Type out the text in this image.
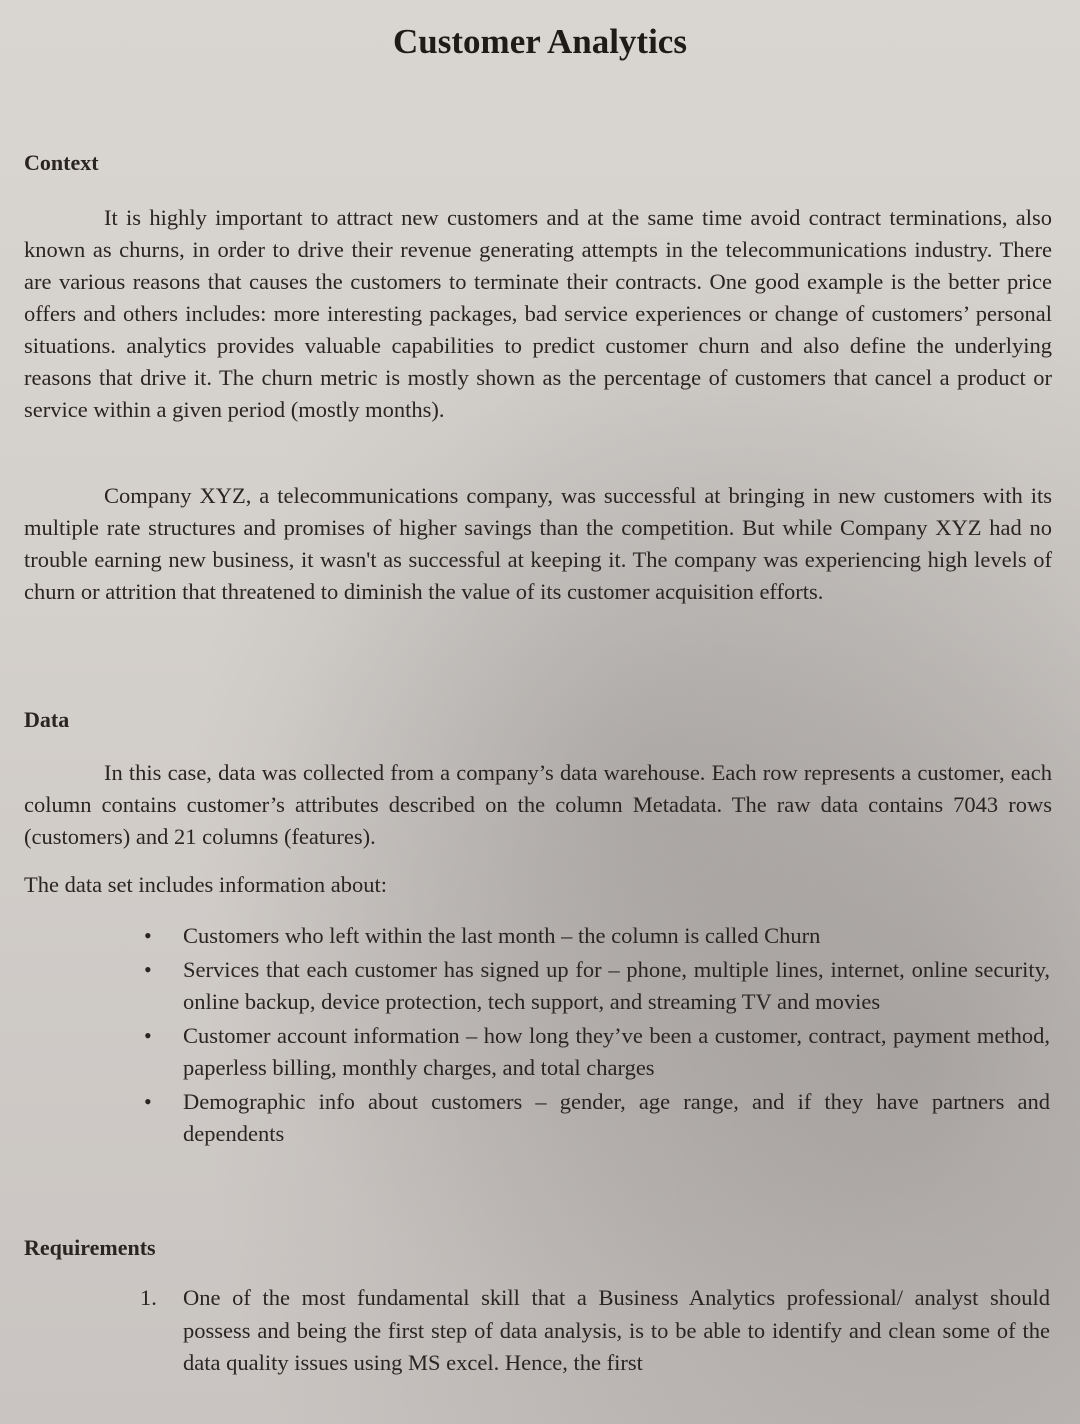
Customer Analytics
Context

It is highly important to attract new customers and at the same time avoid contract terminations, also known as churns, in order to drive their revenue generating attempts in the telecommunications industry. There are various reasons that causes the customers to terminate their contracts. One good example is the better price offers and others includes: more interesting packages, bad service experiences or change of customers’ personal situations. analytics provides valuable capabilities to predict customer churn and also define the underlying reasons that drive it. The churn metric is mostly shown as the percentage of customers that cancel a product or service within a given period (mostly months).

Company XYZ, a telecommunications company, was successful at bringing in new customers with its multiple rate structures and promises of higher savings than the competition. But while Company XYZ had no trouble earning new business, it wasn't as successful at keeping it. The company was experiencing high levels of churn or attrition that threatened to diminish the value of its customer acquisition efforts.

Data

In this case, data was collected from a company’s data warehouse. Each row represents a customer, each column contains customer’s attributes described on the column Metadata. The raw data contains 7043 rows (customers) and 21 columns (features).

The data set includes information about:

• Customers who left within the last month – the column is called Churn
• Services that each customer has signed up for – phone, multiple lines, internet, online security, online backup, device protection, tech support, and streaming TV and movies
• Customer account information – how long they’ve been a customer, contract, payment method, paperless billing, monthly charges, and total charges
• Demographic info about customers – gender, age range, and if they have partners and dependents
Requirements
1. One of the most fundamental skill that a Business Analytics professional/ analyst should possess and being the first step of data analysis, is to be able to identify and clean some of the data quality issues using MS excel. Hence, the first
